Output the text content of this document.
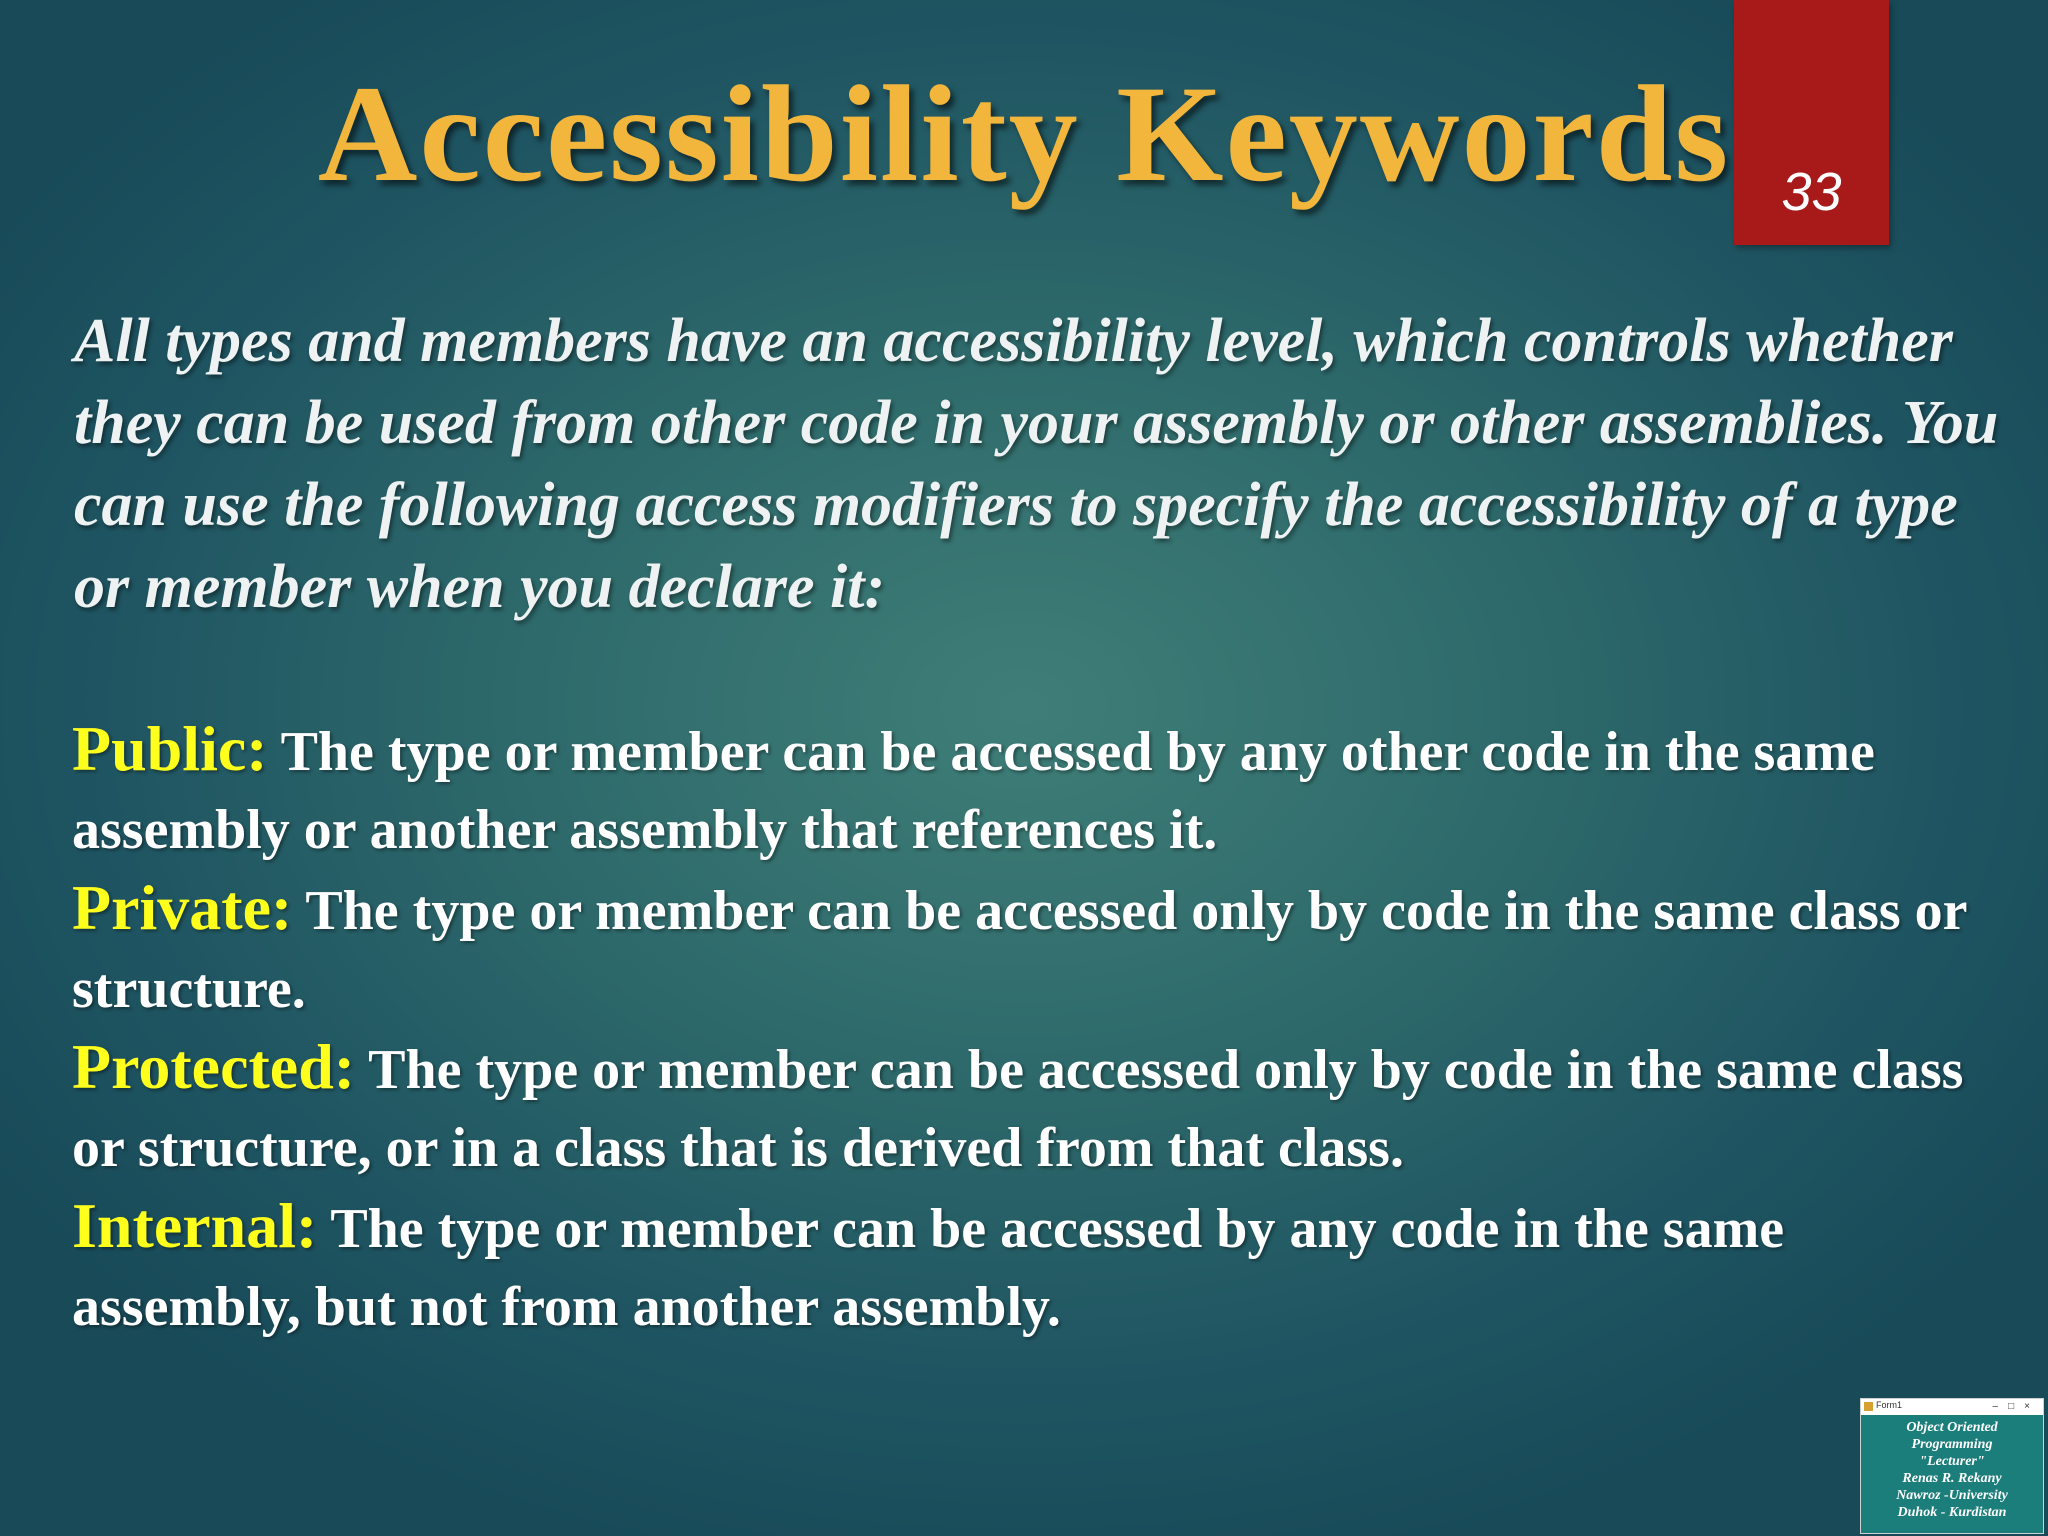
Accessibility Keywords 33

All types and members have an accessibility level, which controls whether they can be used from other code in your assembly or other assemblies. You can use the following access modifiers to specify the accessibility of a type or member when you declare it:

Public: The type or member can be accessed by any other code in the same assembly or another assembly that references it.
Private: The type or member can be accessed only by code in the same class or structure.
Protected: The type or member can be accessed only by code in the same class or structure, or in a class that is derived from that class.
Internal: The type or member can be accessed by any code in the same assembly, but not from another assembly.
Form1	–□×
Object Oriented
Programming
"Lecturer"
Renas R. Rekany
Nawroz -University
Duhok - Kurdistan
